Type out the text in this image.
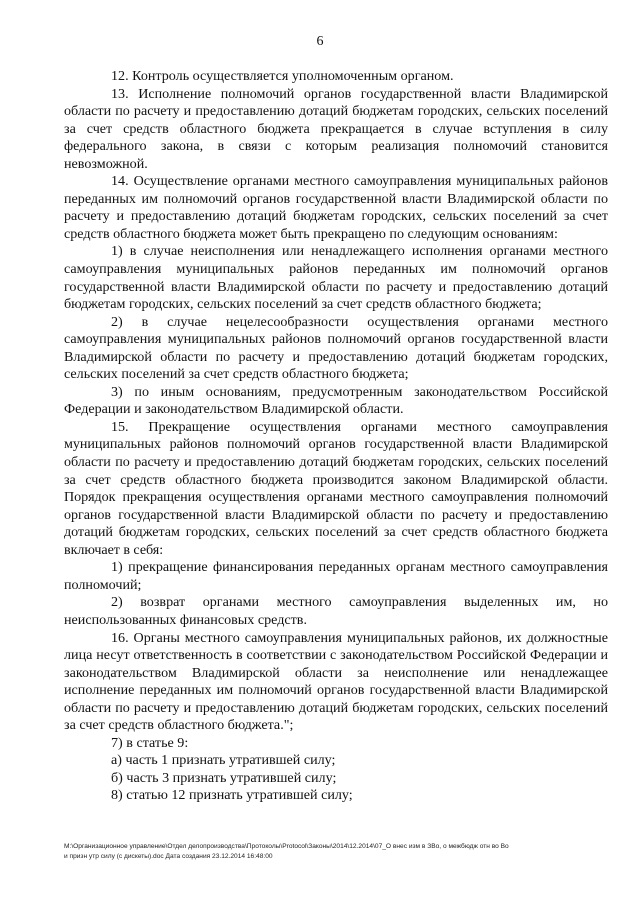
6

12. Контроль осуществляется уполномоченным органом.

13. Исполнение полномочий органов государственной власти Владимирской области по расчету и предоставлению дотаций бюджетам городских, сельских поселений за счет средств областного бюджета прекращается в случае вступления в силу федерального закона, в связи с которым реализация полномочий становится невозможной.

14. Осуществление органами местного самоуправления муниципальных районов переданных им полномочий органов государственной власти Владимирской области по расчету и предоставлению дотаций бюджетам городских, сельских поселений за счет средств областного бюджета может быть прекращено по следующим основаниям:

1) в случае неисполнения или ненадлежащего исполнения органами местного самоуправления муниципальных районов переданных им полномочий органов государственной власти Владимирской области по расчету и предоставлению дотаций бюджетам городских, сельских поселений за счет средств областного бюджета;

2) в случае нецелесообразности осуществления органами местного самоуправления муниципальных районов полномочий органов государственной власти Владимирской области по расчету и предоставлению дотаций бюджетам городских, сельских поселений за счет средств областного бюджета;

3) по иным основаниям, предусмотренным законодательством Российской Федерации и законодательством Владимирской области.

15. Прекращение осуществления органами местного самоуправления муниципальных районов полномочий органов государственной власти Владимирской области по расчету и предоставлению дотаций бюджетам городских, сельских поселений за счет средств областного бюджета производится законом Владимирской области. Порядок прекращения осуществления органами местного самоуправления полномочий органов государственной власти Владимирской области по расчету и предоставлению дотаций бюджетам городских, сельских поселений за счет средств областного бюджета включает в себя:

1) прекращение финансирования переданных органам местного самоуправления полномочий;

2) возврат органами местного самоуправления выделенных им, но неиспользованных финансовых средств.

16. Органы местного самоуправления муниципальных районов, их должностные лица несут ответственность в соответствии с законодательством Российской Федерации и законодательством Владимирской области за неисполнение или ненадлежащее исполнение переданных им полномочий органов государственной власти Владимирской области по расчету и предоставлению дотаций бюджетам городских, сельских поселений за счет средств областного бюджета.";

7) в статье 9:

а) часть 1 признать утратившей силу;

б) часть 3 признать утратившей силу;

8) статью 12 признать утратившей силу;

M:\Организационное управление\Отдел делопроизводства\Протоколы\Protocol\Законы\2014\12.2014\07_О внес изм в ЗВо, о межбюдж отн во Во
и призн утр силу (с дискеты).doc Дата создания 23.12.2014 16:48:00
